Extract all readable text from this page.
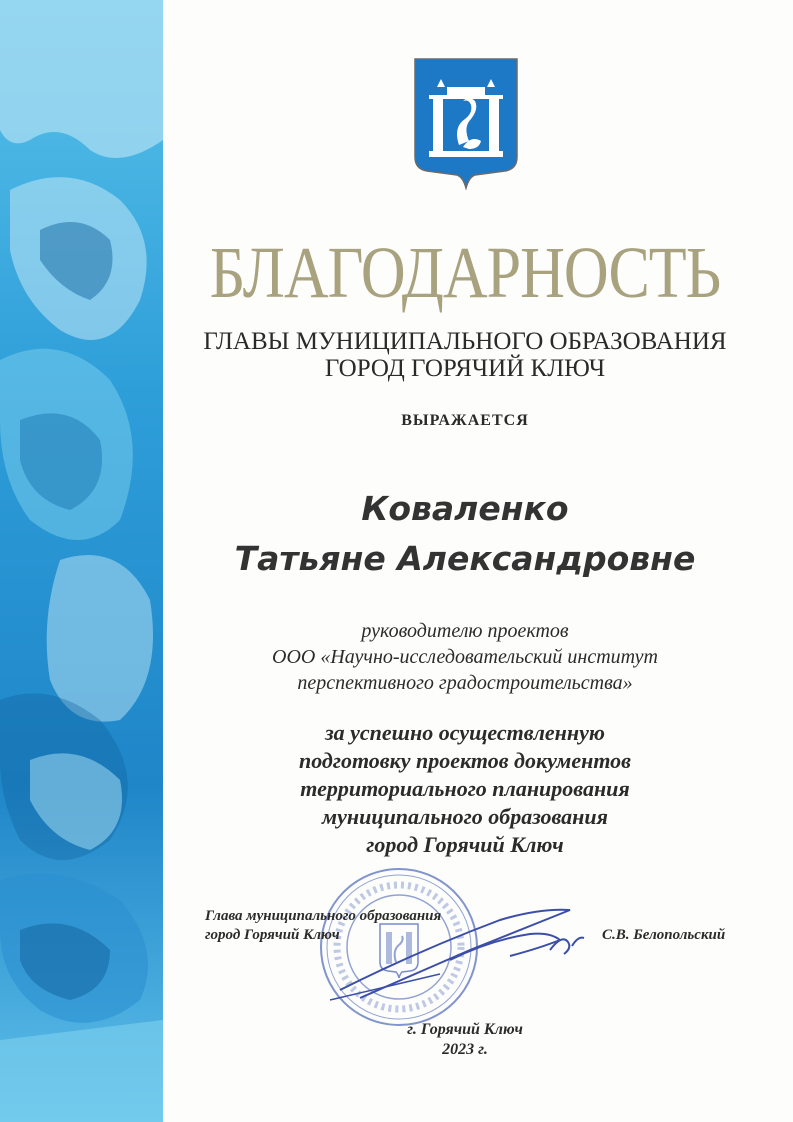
БЛАГОДАРНОСТЬ
ГЛАВЫ МУНИЦИПАЛЬНОГО ОБРАЗОВАНИЯ
ГОРОД ГОРЯЧИЙ КЛЮЧ
ВЫРАЖАЕТСЯ
Коваленко
Татьяне Александровне
руководителю проектов
ООО «Научно-исследовательский институт
перспективного градостроительства»
за успешно осуществленную
подготовку проектов документов
территориального планирования
муниципального образования
город Горячий Ключ
Глава муниципального образования
город Горячий Ключ	С.В. Белопольский
г. Горячий Ключ
2023 г.
